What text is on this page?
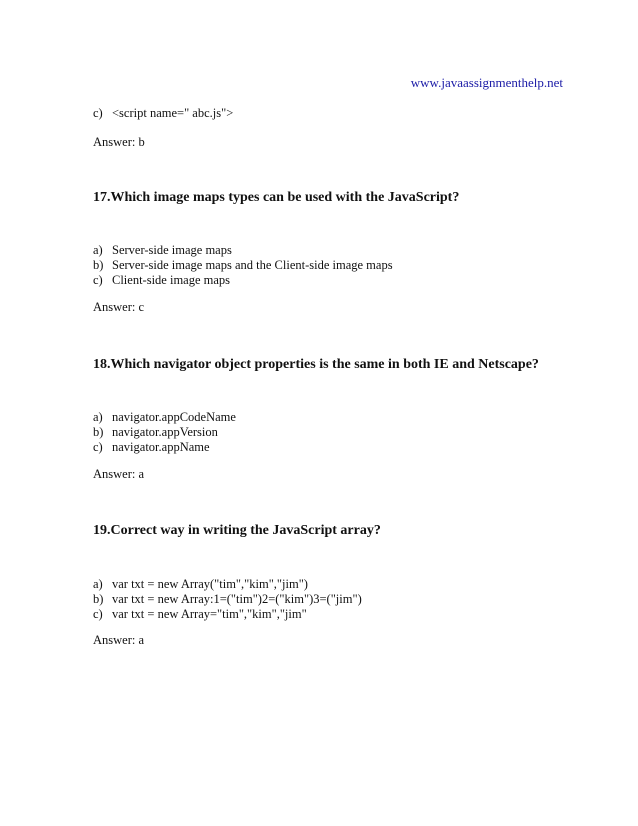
www.javaassignmenthelp.net
c) <script name=" abc.js">
Answer: b
17.Which image maps types can be used with the JavaScript?
a) Server-side image maps
b) Server-side image maps and the Client-side image maps
c) Client-side image maps
Answer: c
18.Which navigator object properties is the same in both IE and Netscape?
a) navigator.appCodeName
b) navigator.appVersion
c) navigator.appName
Answer: a
19.Correct way in writing the JavaScript array?
a) var txt = new Array("tim","kim","jim")
b) var txt = new Array:1=("tim")2=("kim")3=("jim")
c) var txt = new Array="tim","kim","jim"
Answer: a
